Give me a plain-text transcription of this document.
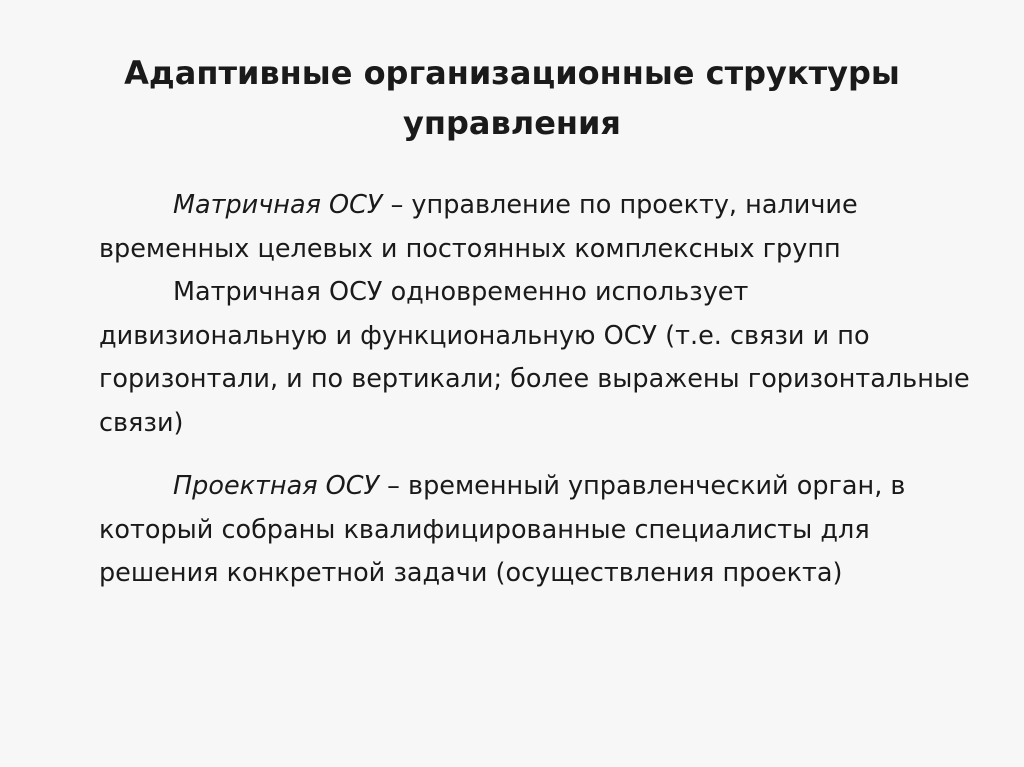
Адаптивные организационные структуры
управления

Матричная ОСУ – управление по проекту, наличие временных целевых и постоянных комплексных групп

Матричная ОСУ одновременно использует дивизиональную и функциональную ОСУ (т.е. связи и по горизонтали, и по вертикали; более выражены горизонтальные связи)

Проектная ОСУ – временный управленческий орган, в который собраны квалифицированные специалисты для решения конкретной задачи (осуществления проекта)
